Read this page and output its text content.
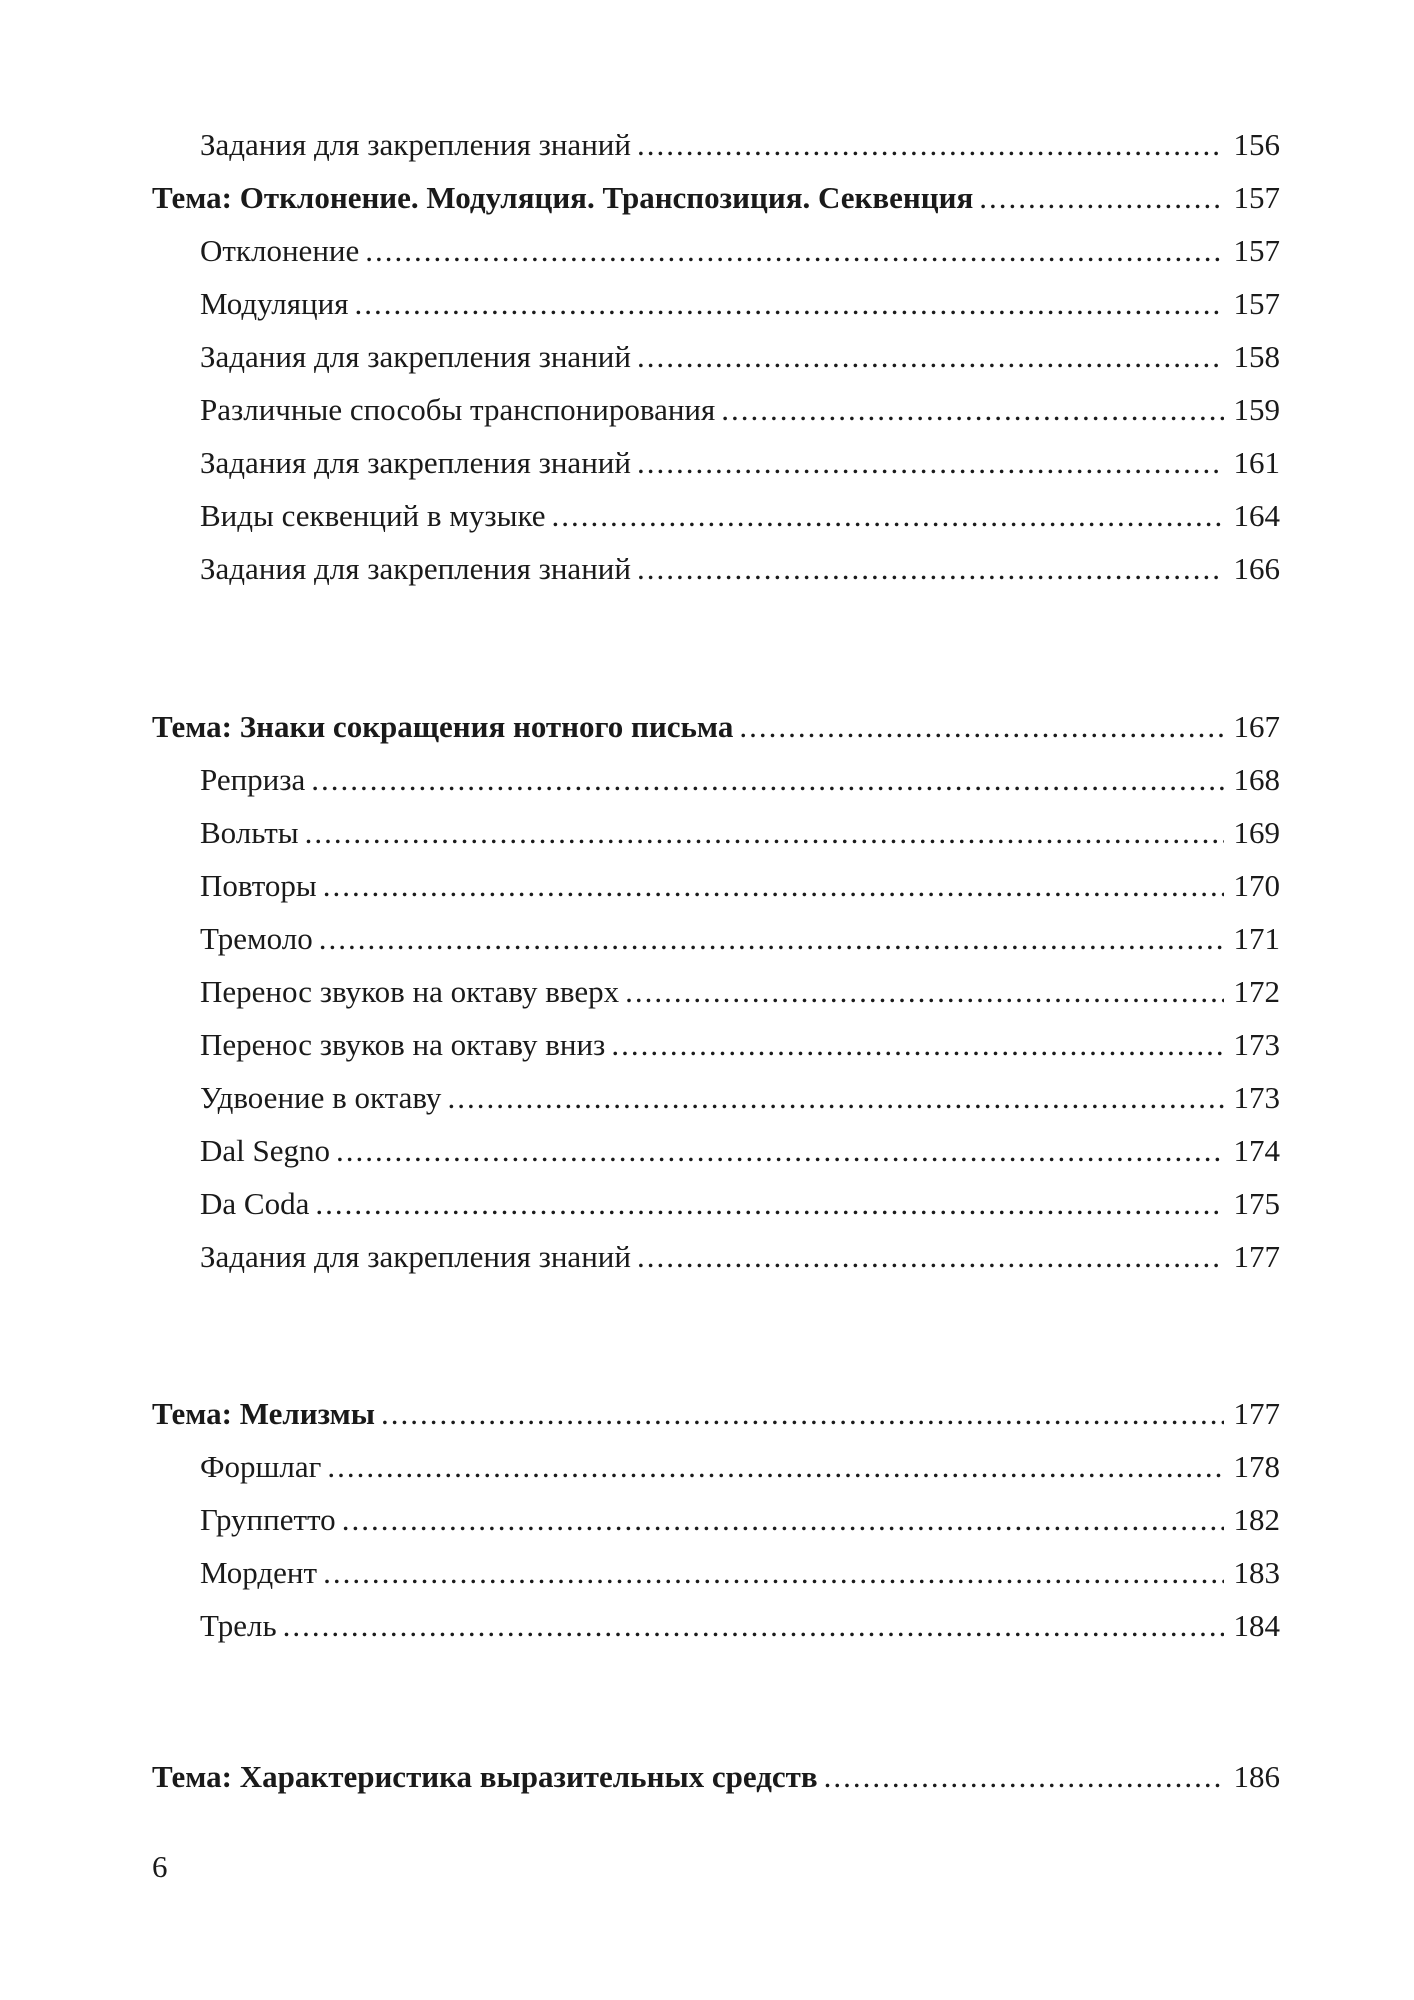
Задания для закрепления знаний .....	156
Тема: Отклонение. Модуляция. Транспозиция. Секвенция .....	157
Отклонение .....	157
Модуляция .....	157
Задания для закрепления знаний .....	158
Различные способы транспонирования .....	159
Задания для закрепления знаний .....	161
Виды секвенций в музыке .....	164
Задания для закрепления знаний .....	166
Тема: Знаки сокращения нотного письма .....	167
Реприза .....	168
Вольты .....	169
Повторы .....	170
Тремоло .....	171
Перенос звуков на октаву вверх .....	172
Перенос звуков на октаву вниз .....	173
Удвоение в октаву .....	173
Dal Segno .....	174
Da Coda .....	175
Задания для закрепления знаний .....	177
Тема: Мелизмы .....	177
Форшлаг .....	178
Группетто .....	182
Мордент .....	183
Трель .....	184
Тема: Характеристика выразительных средств .....	186
6
